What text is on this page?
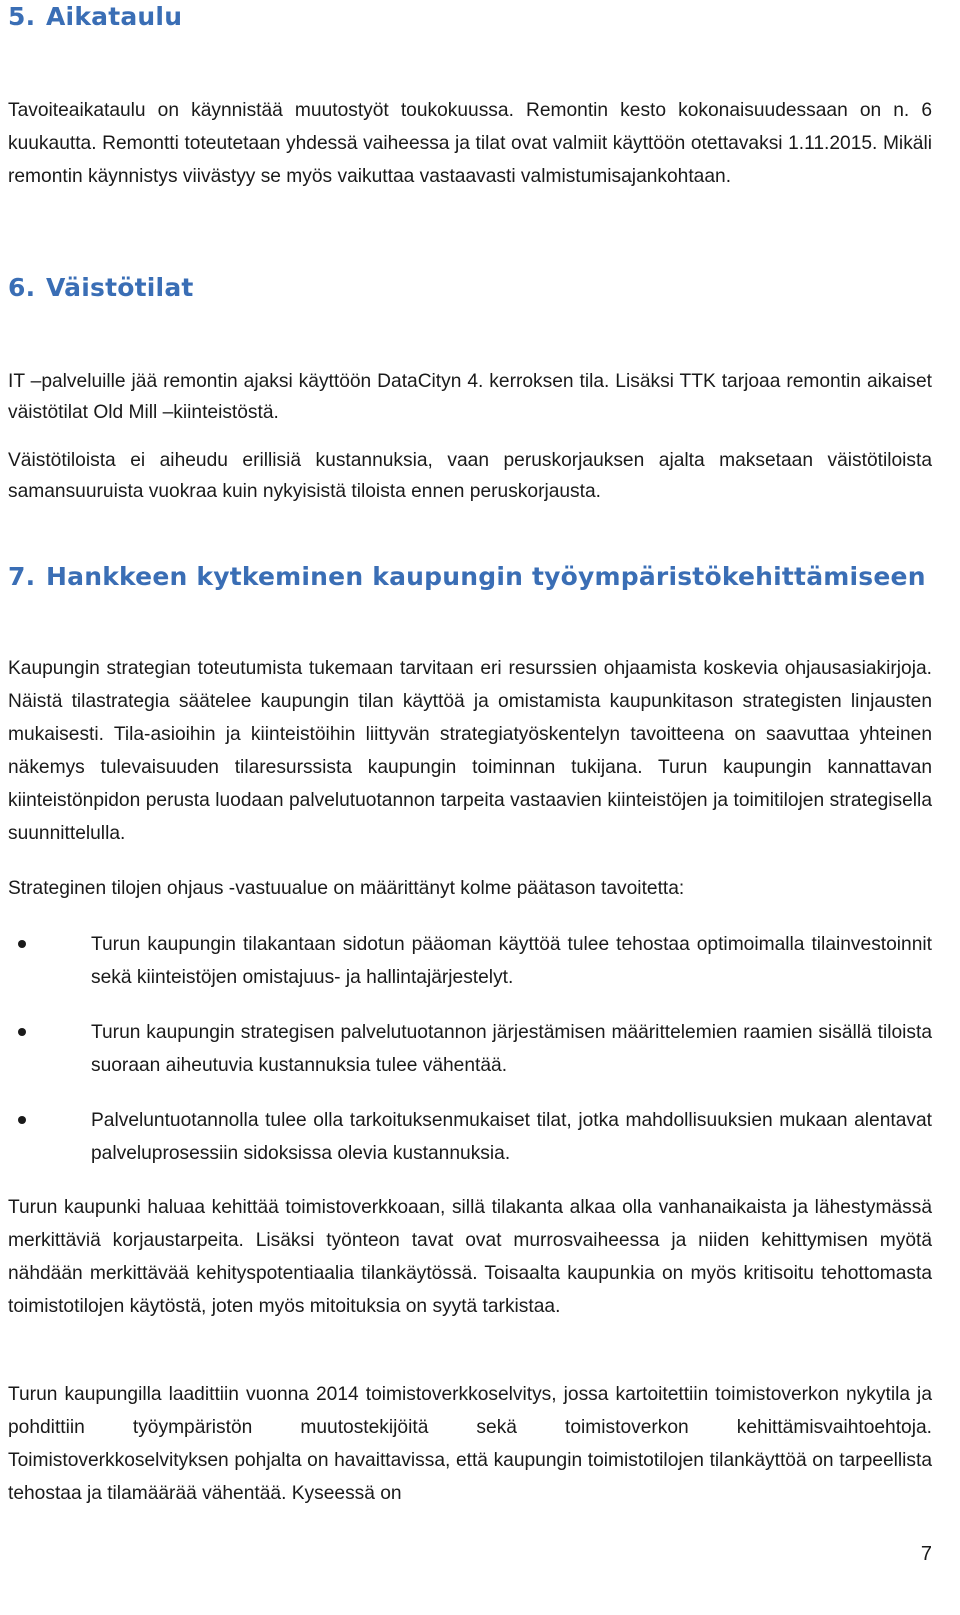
5. Aikataulu

Tavoiteaikataulu on käynnistää muutostyöt toukokuussa. Remontin kesto kokonaisuudessaan on n. 6 kuukautta. Remontti toteutetaan yhdessä vaiheessa ja tilat ovat valmiit käyttöön otettavaksi 1.11.2015. Mikäli remontin käynnistys viivästyy se myös vaikuttaa vastaavasti valmistumisajankohtaan.

6. Väistötilat

IT –palveluille jää remontin ajaksi käyttöön DataCityn 4. kerroksen tila. Lisäksi TTK tarjoaa remontin aikaiset väistötilat Old Mill –kiinteistöstä.

Väistötiloista ei aiheudu erillisiä kustannuksia, vaan peruskorjauksen ajalta maksetaan väistötiloista samansuuruista vuokraa kuin nykyisistä tiloista ennen peruskorjausta.

7. Hankkeen kytkeminen kaupungin työympäristökehittämiseen

Kaupungin strategian toteutumista tukemaan tarvitaan eri resurssien ohjaamista koskevia ohjausasiakirjoja. Näistä tilastrategia säätelee kaupungin tilan käyttöä ja omistamista kaupunkitason strategisten linjausten mukaisesti. Tila-asioihin ja kiinteistöihin liittyvän strategiatyöskentelyn tavoitteena on saavuttaa yhteinen näkemys tulevaisuuden tilaresurssista kaupungin toiminnan tukijana. Turun kaupungin kannattavan kiinteistönpidon perusta luodaan palvelutuotannon tarpeita vastaavien kiinteistöjen ja toimitilojen strategisella suunnittelulla.

Strateginen tilojen ohjaus -vastuualue on määrittänyt kolme päätason tavoitetta:

Turun kaupungin tilakantaan sidotun pääoman käyttöä tulee tehostaa optimoimalla tilainvestoinnit sekä kiinteistöjen omistajuus- ja hallintajärjestelyt.

Turun kaupungin strategisen palvelutuotannon järjestämisen määrittelemien raamien sisällä tiloista suoraan aiheutuvia kustannuksia tulee vähentää.

Palveluntuotannolla tulee olla tarkoituksenmukaiset tilat, jotka mahdollisuuksien mukaan alentavat palveluprosessiin sidoksissa olevia kustannuksia.

Turun kaupunki haluaa kehittää toimistoverkkoaan, sillä tilakanta alkaa olla vanhanaikaista ja lähestymässä merkittäviä korjaustarpeita. Lisäksi työnteon tavat ovat murrosvaiheessa ja niiden kehittymisen myötä nähdään merkittävää kehityspotentiaalia tilankäytössä. Toisaalta kaupunkia on myös kritisoitu tehottomasta toimistotilojen käytöstä, joten myös mitoituksia on syytä tarkistaa.

Turun kaupungilla laadittiin vuonna 2014 toimistoverkkoselvitys, jossa kartoitettiin toimistoverkon nykytila ja pohdittiin työympäristön muutostekijöitä sekä toimistoverkon kehittämisvaihtoehtoja. Toimistoverkkoselvityksen pohjalta on havaittavissa, että kaupungin toimistotilojen tilankäyttöä on tarpeellista tehostaa ja tilamäärää vähentää. Kyseessä on

7
